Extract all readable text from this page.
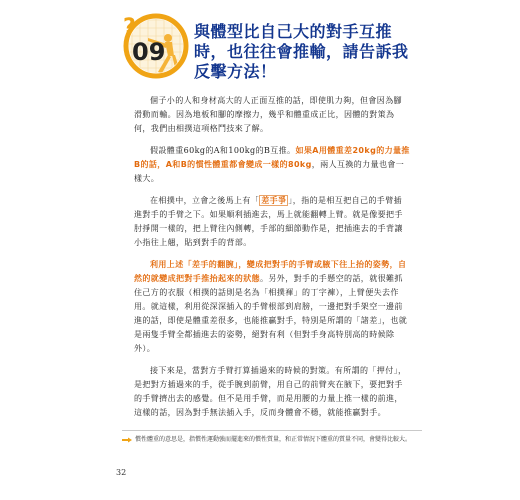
?
09
與體型比自己大的對手互推
時，也往往會推輸，請告訴我
反擊方法！

個子小的人和身材高大的人正面互推的話，即使肌力夠，但會因為腳滑動而輸。因為地板和腳的摩擦力，幾乎和體重成正比，因體的對策為何，我們由相撲這項格鬥技來了解。

假設體重60kg的A和100kg的B互推。如果A用體重差20kg的力量推B的話，A和B的慣性體重都會變成一樣的80kg，兩人互換的力量也會一樣大。

在相撲中，立會之後馬上有「 差手爭 」，指的是相互把自己的手臂插進對手的手臂之下。如果順利插進去，馬上就能翻轉上臂。就是像要把手肘掙開一樣的，把上臂往內側轉，手部的細節動作是，把插進去的手背讓小指往上翹，貼到對手的背部。

利用上述「差手的翻腕」，變成把對手的手臂或腋下往上抬的姿勢，自然的就變成把對手推抬起來的狀態。另外，對手的手懸空的話，就很難抓住己方的衣服（相撲的話則是名為「相撲褌」的丁字褲），上臂便失去作用。就這樣，利用從深深插入的手臂根部到肩膀，一邊把對手架空一邊前進的話，即使是體重差很多，也能推贏對手，特別是所謂的「諸差」，也就是兩隻手臂全都插進去的姿勢，絕對有利（但對手身高特別高的時候除外）。

接下來是，當對方手臂打算插過來的時候的對策。有所謂的「押付」，是把對方插過來的手，從手腕到前臂，用自己的前臂夾在腋下，要把對手的手臂擠出去的感覺。但不是用手臂，而是用腰的力量上推一樣的前進，這樣的話，因為對手無法插入手，反而身體會不穩，就能推贏對手。

慣性體重的意思是，指慣性運動強而擺進來的慣性質量，和正常情況下體重的質量不同，會變得比較大。
32
